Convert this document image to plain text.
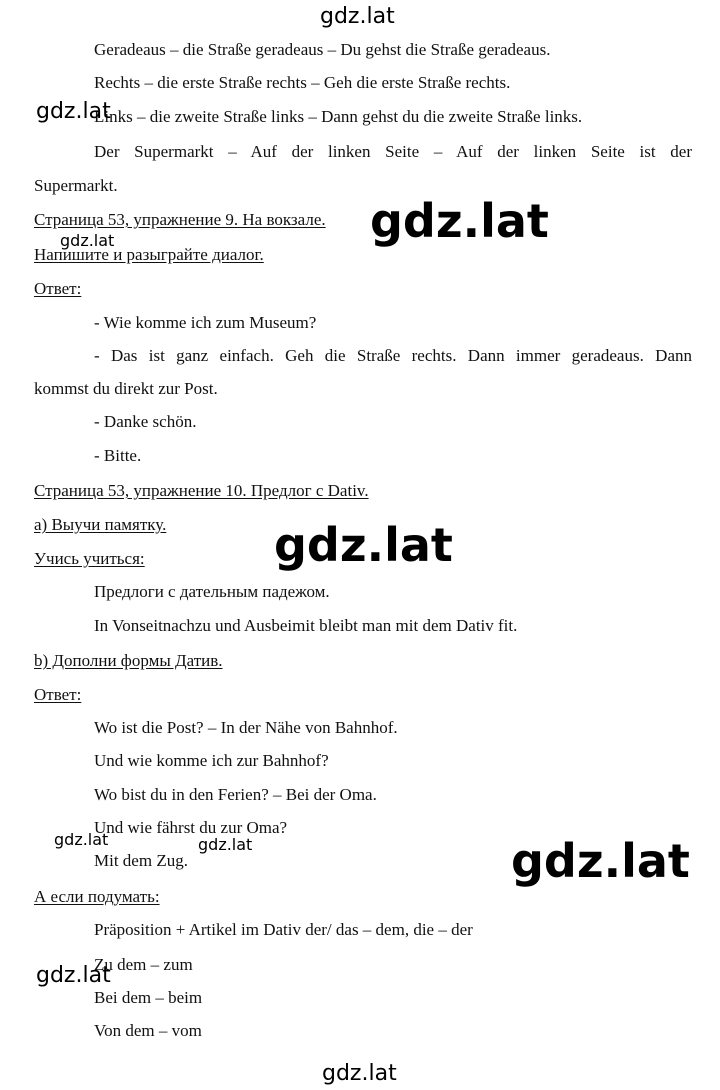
Geradeaus – die Straße geradeaus – Du gehst die Straße geradeaus.
Rechts – die erste Straße rechts – Geh die erste Straße rechts.
Links – die zweite Straße links – Dann gehst du die zweite Straße links.
Der Supermarkt – Auf der linken Seite – Auf der linken Seite ist der
Supermarkt.
Страница 53, упражнение 9. На вокзале.
Напишите и разыграйте диалог.
Ответ:
- Wie komme ich zum Museum?
- Das ist ganz einfach. Geh die Straße rechts. Dann immer geradeaus. Dann
kommst du direkt zur Post.
- Danke schön.
- Bitte.
Страница 53, упражнение 10. Предлог с Dativ.
a) Выучи памятку.
Учись учиться:
Предлоги с дательным падежом.
In Vonseitnachzu und Ausbeimit bleibt man mit dem Dativ fit.
b) Дополни формы Датив.
Ответ:
Wo ist die Post? – In der Nähe von Bahnhof.
Und wie komme ich zur Bahnhof?
Wo bist du in den Ferien? – Bei der Oma.
Und wie fährst du zur Oma?
Mit dem Zug.
А если подумать:
Präposition + Artikel im Dativ der/ das – dem, die – der
Zu dem – zum
Bei dem – beim
Von dem – vom
gdz.lat
gdz.lat
gdz.lat
gdz.lat
gdz.lat
gdz.lat	gdz.lat	gdz.lat
gdz.lat
gdz.lat
